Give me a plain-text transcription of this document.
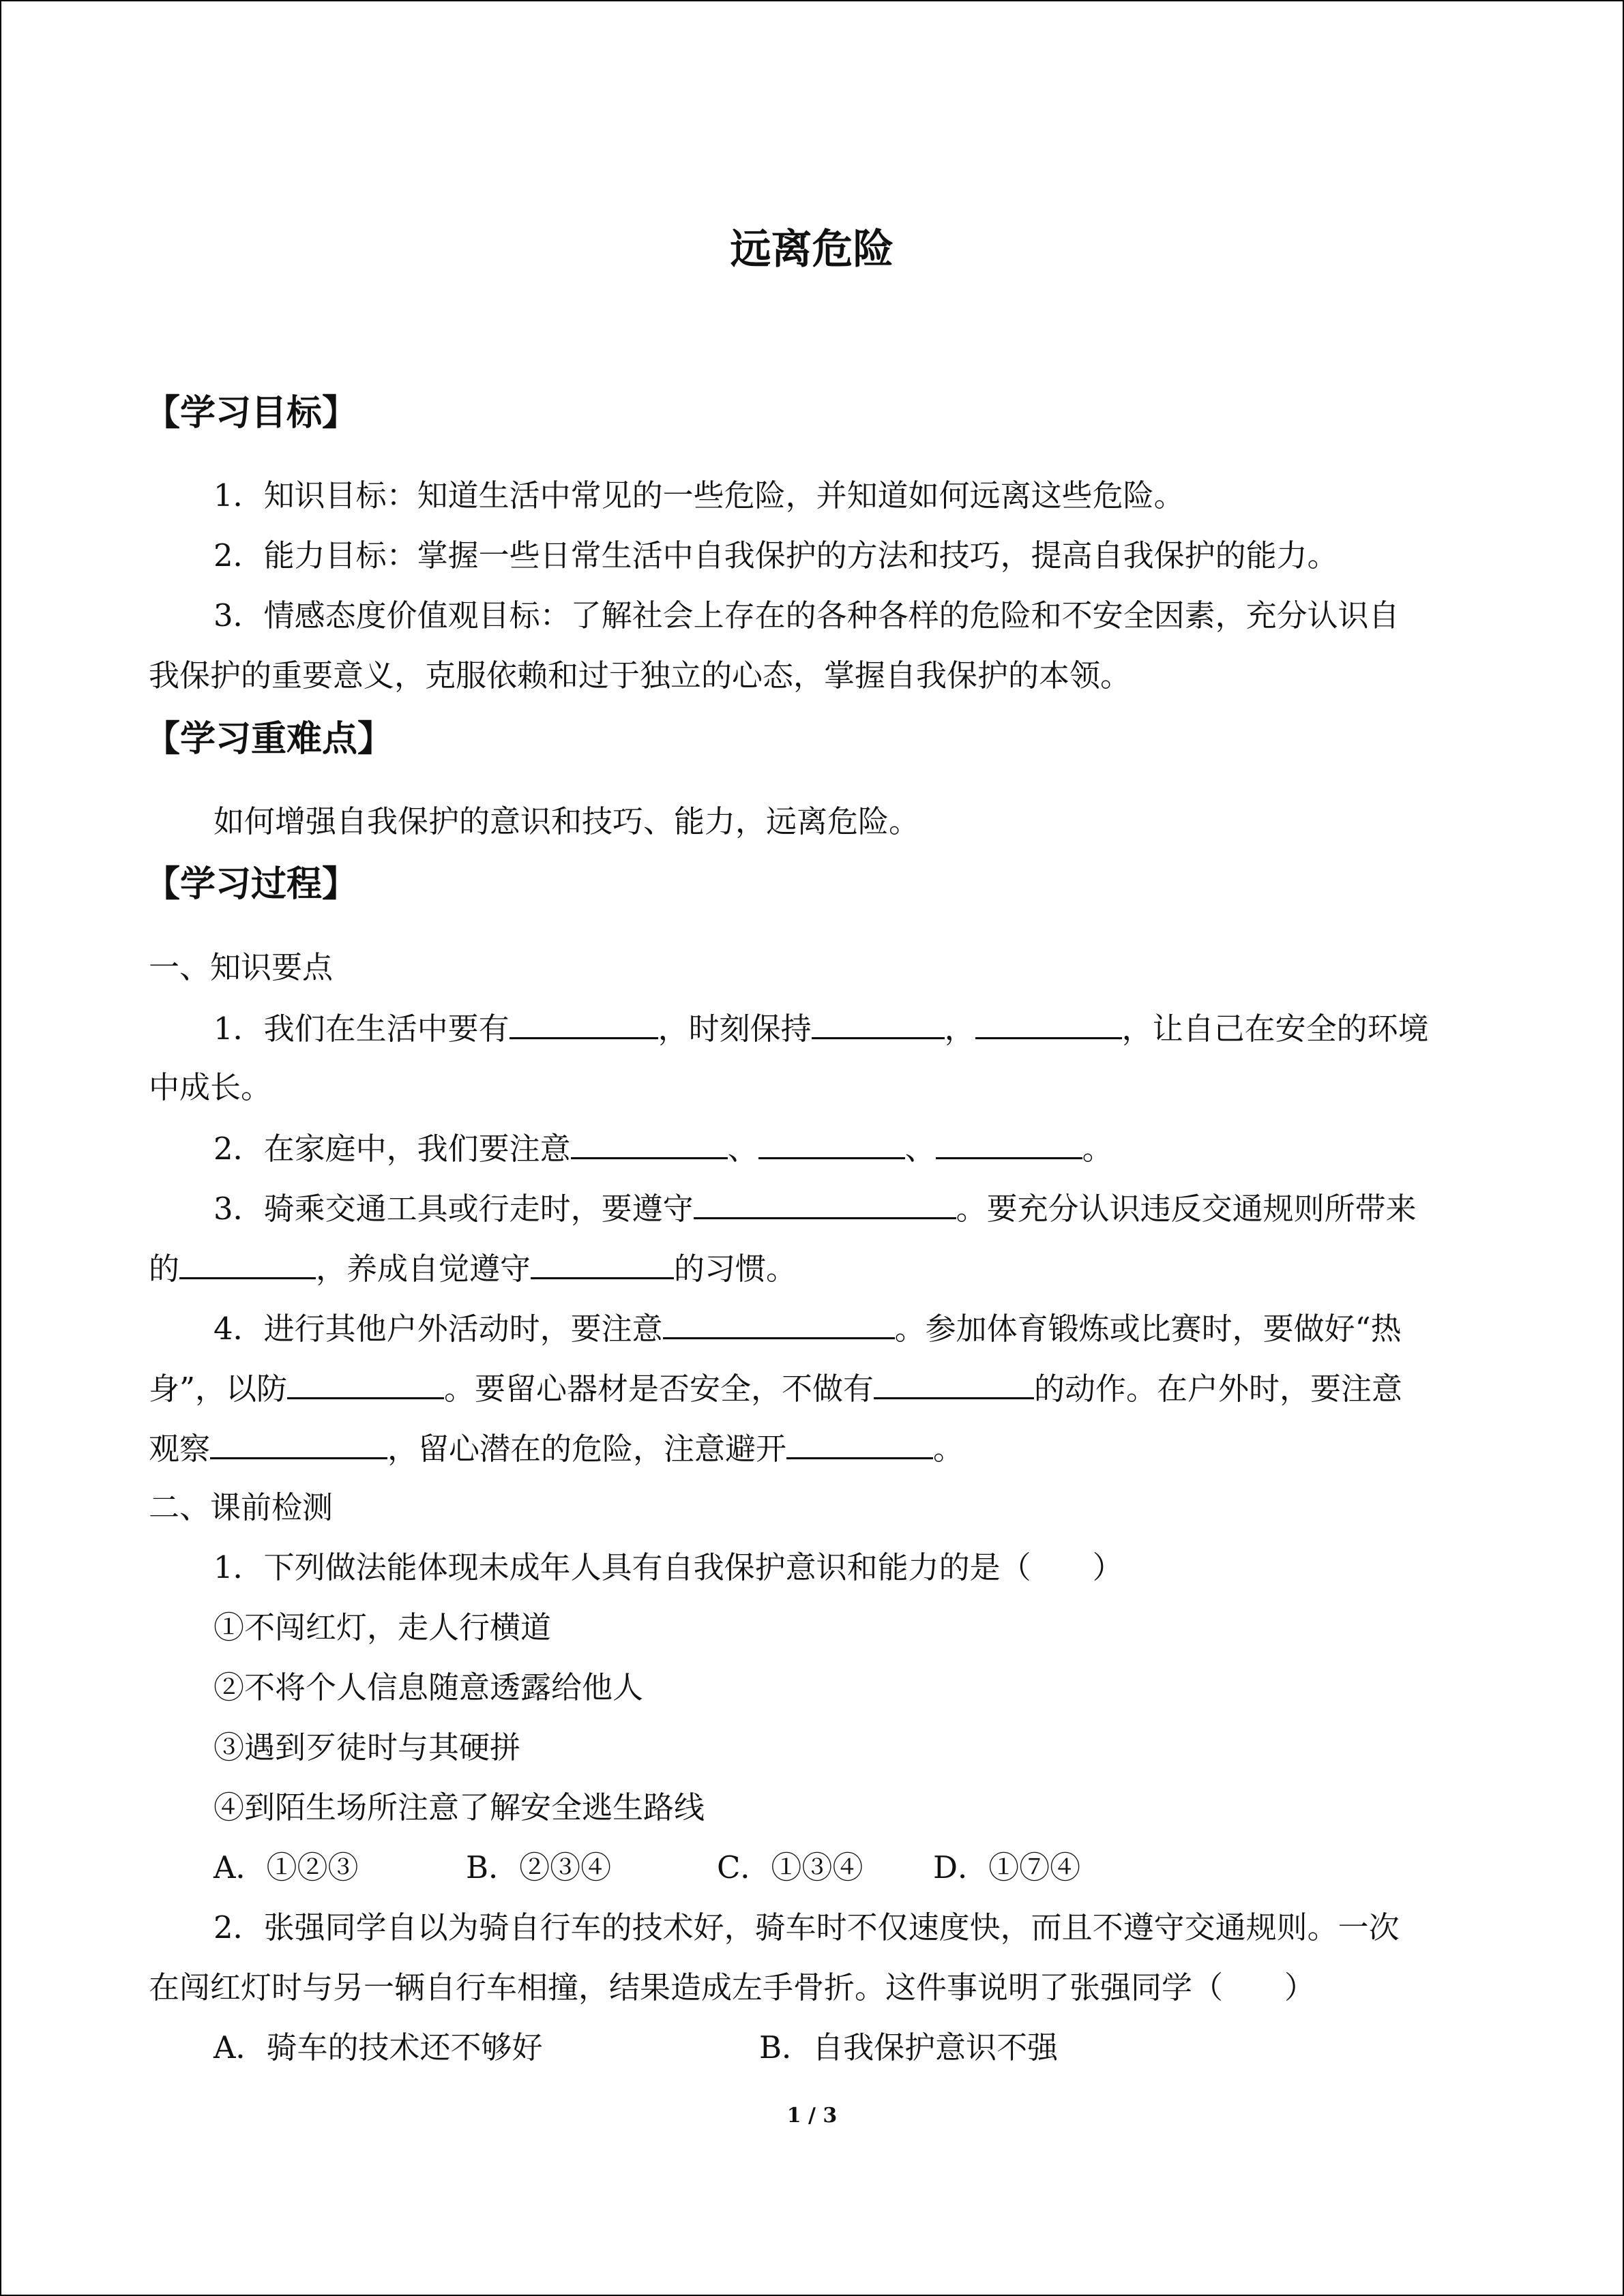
远离危险
【学习目标】
1．知识目标：知道生活中常见的一些危险，并知道如何远离这些危险。
2．能力目标：掌握一些日常生活中自我保护的方法和技巧，提高自我保护的能力。
3．情感态度价值观目标：了解社会上存在的各种各样的危险和不安全因素，充分认识自
我保护的重要意义，克服依赖和过于独立的心态，掌握自我保护的本领。
【学习重难点】
如何增强自我保护的意识和技巧、能力，远离危险。
【学习过程】
一、知识要点
1．我们在生活中要有	，时刻保持	，	，让自己在安全的环境
中成长。
2．在家庭中，我们要注意	、	、	。
3．骑乘交通工具或行走时，要遵守	。要充分认识违反交通规则所带来
的	，养成自觉遵守	的习惯。
4．进行其他户外活动时，要注意	。参加体育锻炼或比赛时，要做好“热
身”，以防	。要留心器材是否安全，不做有	的动作。在户外时，要注意
观察	，留心潜在的危险，注意避开	。
二、课前检测
1．下列做法能体现未成年人具有自我保护意识和能力的是（　　）
①不闯红灯，走人行横道
②不将个人信息随意透露给他人
③遇到歹徒时与其硬拼
④到陌生场所注意了解安全逃生路线
A．①②③	B．②③④	C．①③④ D．①⑦④
2．张强同学自以为骑自行车的技术好，骑车时不仅速度快，而且不遵守交通规则。一次
在闯红灯时与另一辆自行车相撞，结果造成左手骨折。这件事说明了张强同学（　　）
A．骑车的技术还不够好	B．自我保护意识不强
1 / 3
